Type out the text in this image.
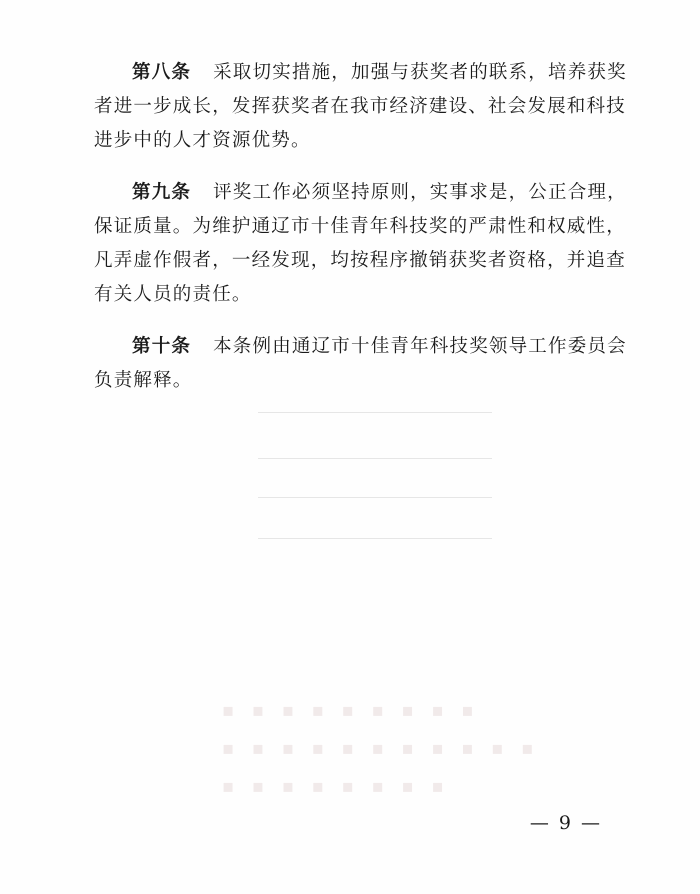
▪ ▪ ▪ ▪ ▪ ▪ ▪ ▪ ▪
▪ ▪ ▪ ▪ ▪ ▪ ▪ ▪ ▪ ▪ ▪
▪ ▪ ▪ ▪ ▪ ▪ ▪ ▪

第八条 采取切实措施，加强与获奖者的联系，培养获奖
者进一步成长，发挥获奖者在我市经济建设、社会发展和科技
进步中的人才资源优势。

第九条 评奖工作必须坚持原则，实事求是，公正合理，
保证质量。为维护通辽市十佳青年科技奖的严肃性和权威性，
凡弄虚作假者，一经发现，均按程序撤销获奖者资格，并追查
有关人员的责任。

第十条 本条例由通辽市十佳青年科技奖领导工作委员会
负责解释。

— 9 —
